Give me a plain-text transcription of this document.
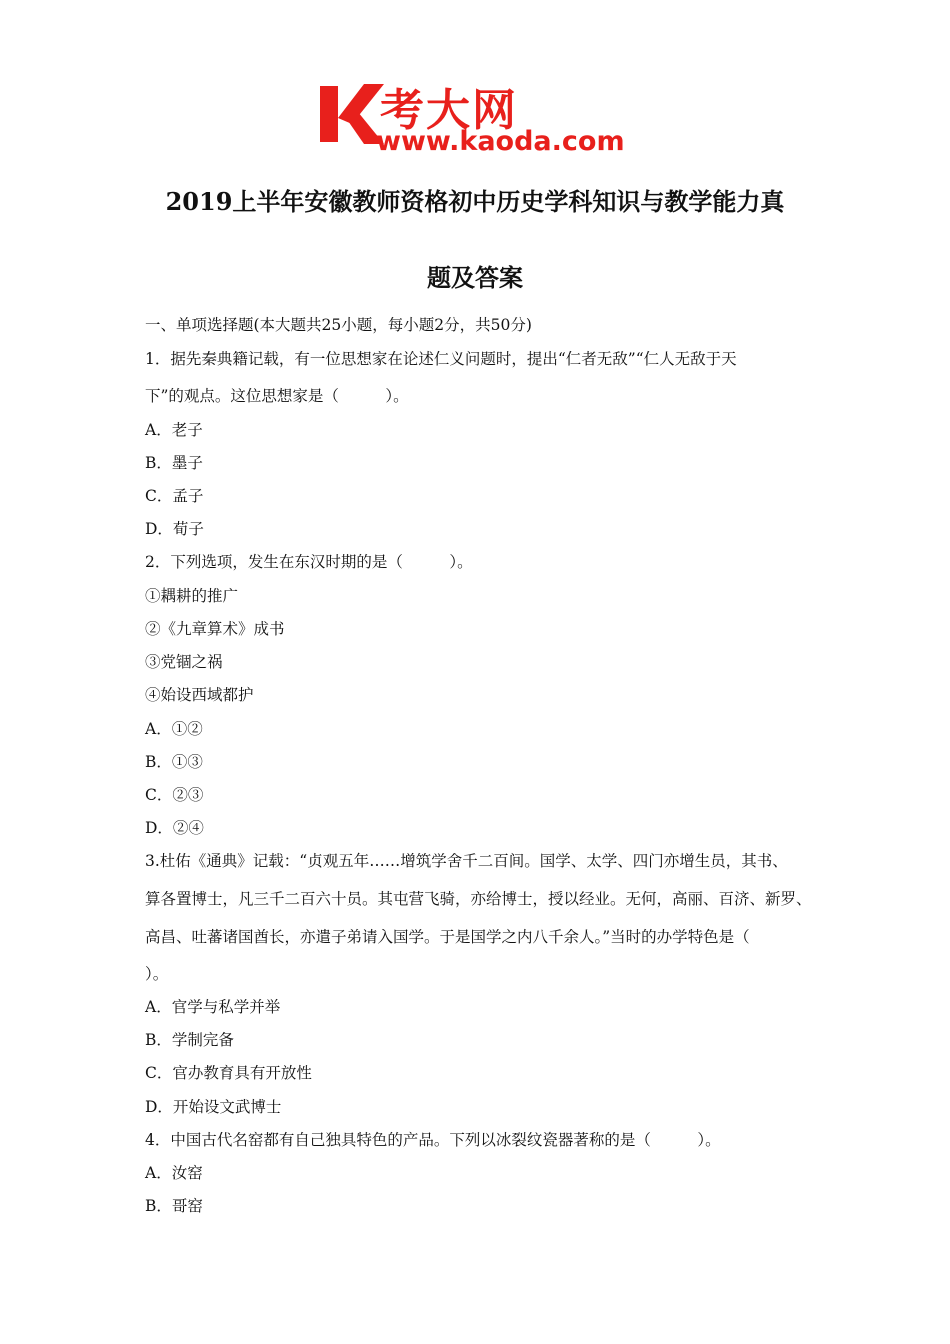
考大网
www.kaoda.com
2019上半年安徽教师资格初中历史学科知识与教学能力真
题及答案
一、单项选择题(本大题共25小题，每小题2分，共50分)
1．据先秦典籍记载，有一位思想家在论述仁义问题时，提出“仁者无敌”“仁人无敌于天
下”的观点。这位思想家是（　　　）。
A．老子
B．墨子
C．孟子
D．荀子
2．下列选项，发生在东汉时期的是（　　　）。
①耦耕的推广
②《九章算术》成书
③党锢之祸
④始设西域都护
A．①②
B．①③
C．②③
D．②④
3.杜佑《通典》记载：“贞观五年……增筑学舍千二百间。国学、太学、四门亦增生员，其书、
算各置博士，凡三千二百六十员。其屯营飞骑，亦给博士，授以经业。无何，高丽、百济、新罗、
高昌、吐蕃诸国酋长，亦遣子弟请入国学。于是国学之内八千余人。”当时的办学特色是（
）。
A．官学与私学并举
B．学制完备
C．官办教育具有开放性
D．开始设文武博士
4．中国古代名窑都有自己独具特色的产品。下列以冰裂纹瓷器著称的是（　　　）。
A．汝窑
B．哥窑
